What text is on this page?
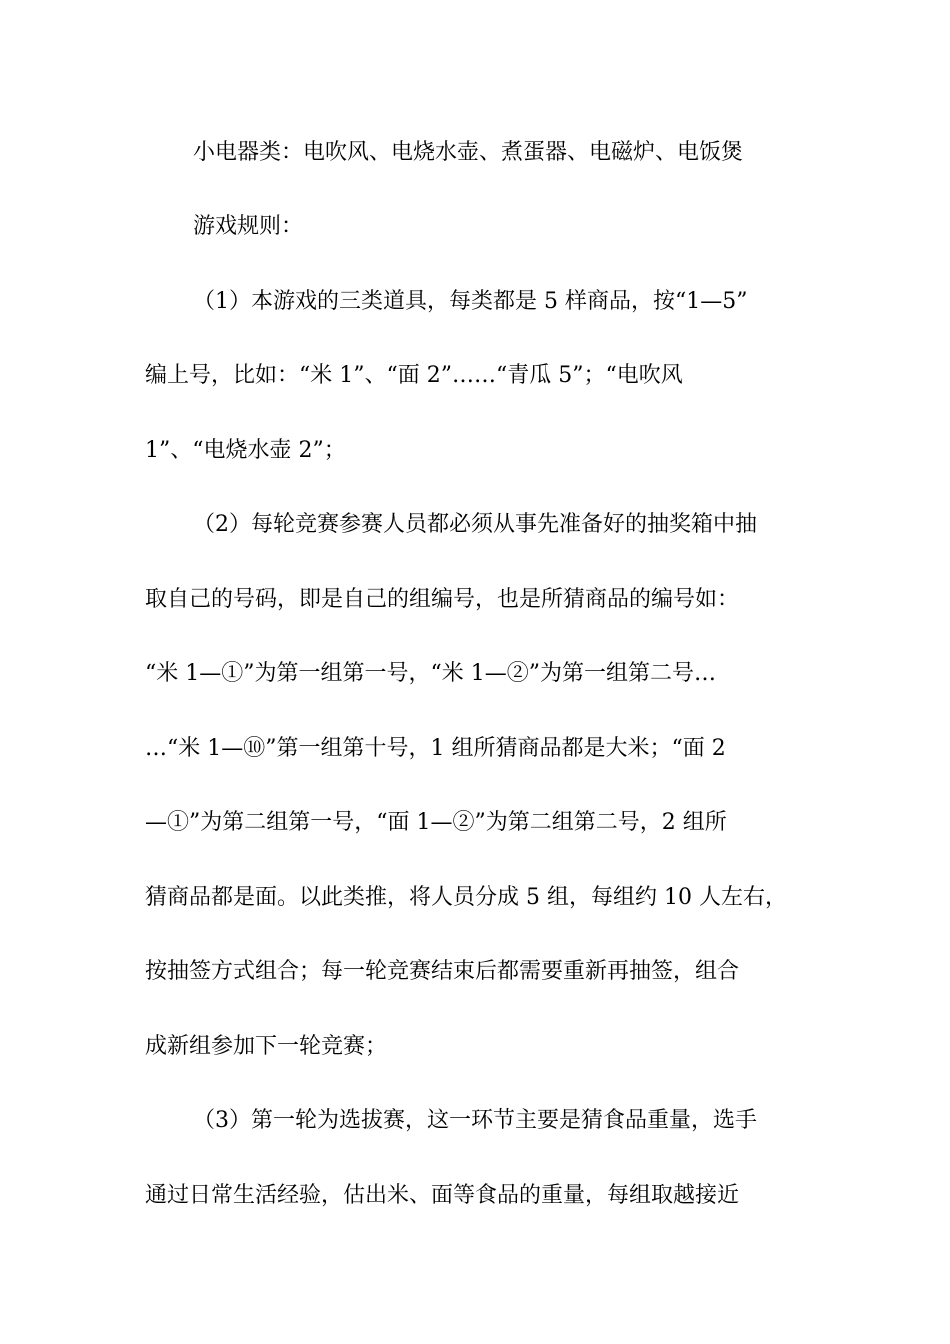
小电器类：电吹风、电烧水壶、煮蛋器、电磁炉、电饭煲

游戏规则：

（1）本游戏的三类道具，每类都是 5 样商品，按“1—5”

编上号，比如：“米 1”、“面 2”……“青瓜 5”；“电吹风

1”、“电烧水壶 2”；

（2）每轮竞赛参赛人员都必须从事先准备好的抽奖箱中抽

取自己的号码，即是自己的组编号，也是所猜商品的编号如：

“米 1—①”为第一组第一号，“米 1—②”为第一组第二号…

…“米 1—⑩”第一组第十号，1 组所猜商品都是大米；“面 2

—①”为第二组第一号，“面 1—②”为第二组第二号，2 组所

猜商品都是面。以此类推，将人员分成 5 组，每组约 10 人左右，

按抽签方式组合；每一轮竞赛结束后都需要重新再抽签，组合

成新组参加下一轮竞赛；

（3）第一轮为选拔赛，这一环节主要是猜食品重量，选手

通过日常生活经验，估出米、面等食品的重量，每组取越接近
